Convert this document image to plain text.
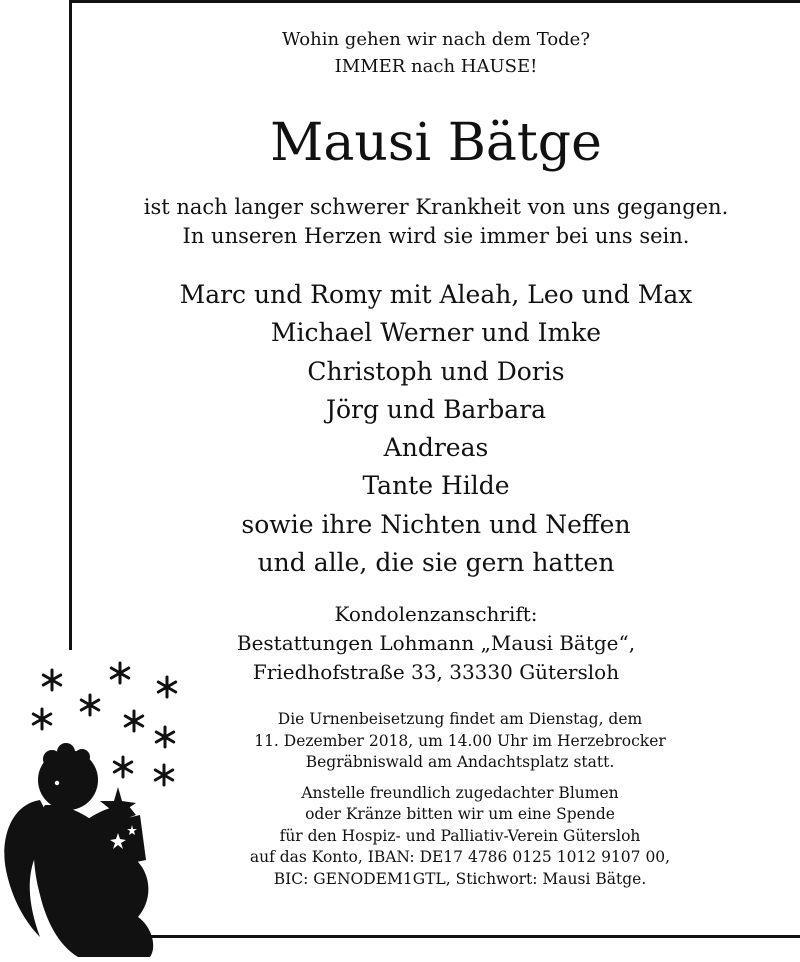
Wohin gehen wir nach dem Tode?
IMMER nach HAUSE!
Mausi Bätge
ist nach langer schwerer Krankheit von uns gegangen.
In unseren Herzen wird sie immer bei uns sein.
Marc und Romy mit Aleah, Leo und Max
Michael Werner und Imke
Christoph und Doris
Jörg und Barbara
Andreas
Tante Hilde
sowie ihre Nichten und Neffen
und alle, die sie gern hatten
Kondolenzanschrift:
Bestattungen Lohmann „Mausi Bätge“,
Friedhofstraße 33, 33330 Gütersloh
Die Urnenbeisetzung findet am Dienstag, dem
11. Dezember 2018, um 14.00 Uhr im Herzebrocker
Begräbniswald am Andachtsplatz statt.
Anstelle freundlich zugedachter Blumen
oder Kränze bitten wir um eine Spende
für den Hospiz- und Palliativ-Verein Gütersloh
auf das Konto, IBAN: DE17 4786 0125 1012 9107 00,
BIC: GENODEM1GTL, Stichwort: Mausi Bätge.
